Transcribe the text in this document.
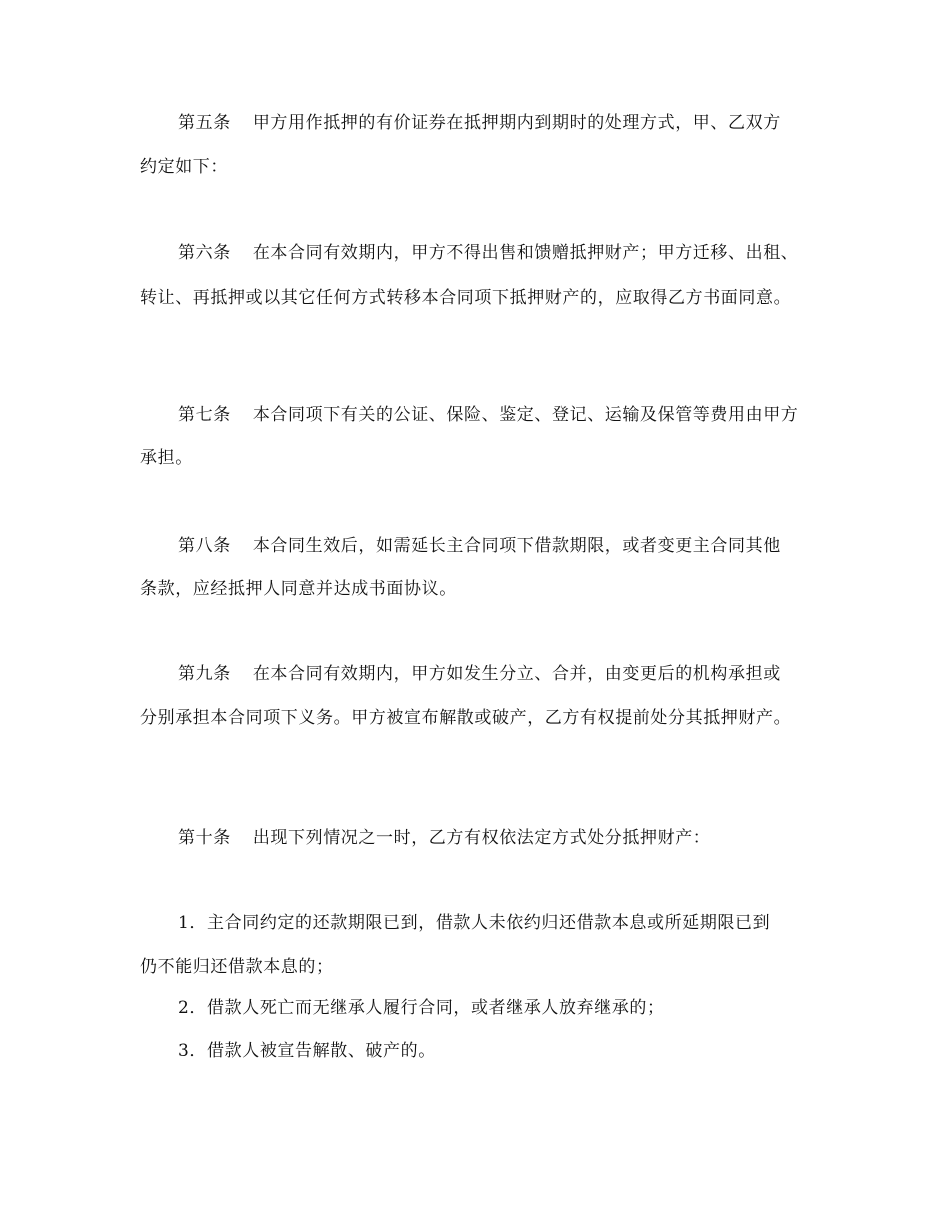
第五条 甲方用作抵押的有价证券在抵押期内到期时的处理方式，甲、乙双方
约定如下：
第六条 在本合同有效期内，甲方不得出售和馈赠抵押财产；甲方迁移、出租、
转让、再抵押或以其它任何方式转移本合同项下抵押财产的，应取得乙方书面同意。
第七条 本合同项下有关的公证、保险、鉴定、登记、运输及保管等费用由甲方
承担。
第八条 本合同生效后，如需延长主合同项下借款期限，或者变更主合同其他
条款，应经抵押人同意并达成书面协议。
第九条 在本合同有效期内，甲方如发生分立、合并，由变更后的机构承担或
分别承担本合同项下义务。甲方被宣布解散或破产，乙方有权提前处分其抵押财产。
第十条 出现下列情况之一时，乙方有权依法定方式处分抵押财产：
1．主合同约定的还款期限已到，借款人未依约归还借款本息或所延期限已到
仍不能归还借款本息的；
2．借款人死亡而无继承人履行合同，或者继承人放弃继承的；
3．借款人被宣告解散、破产的。
